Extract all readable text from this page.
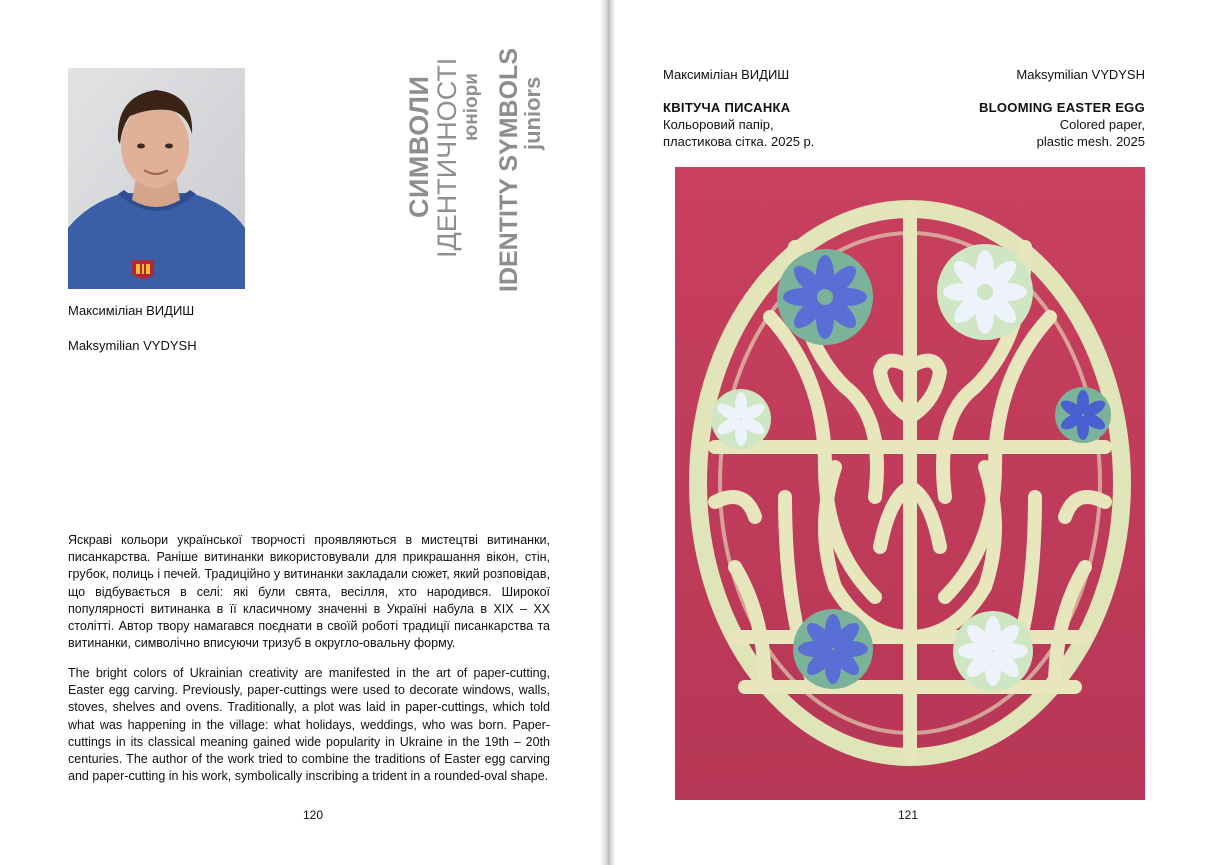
Максиміліан ВИДИШ
Maksymilian VYDYSH
СИМВОЛИ
ІДЕНТИЧНОСТІ юніори IDENTITY SYMBOLS
juniors
Яскраві кольори української творчості проявляються в мистецтві витинанки, писанкарства. Раніше витинанки використовували для прикрашання вікон, стін, грубок, полиць і печей. Традиційно у витинанки закладали сюжет, який розповідав, що відбувається в селі: які були свята, весілля, хто народився. Широкої популярності витинанка в її класичному значенні в Україні набула в XIX – XX століттi. Автор твору намагався поєднати в своїй роботі традиції писанкарства та витинанки, символічно вписуючи тризуб в округло-овальну форму.
The bright colors of Ukrainian creativity are manifested in the art of paper-cutting, Easter egg carving. Previously, paper-cuttings were used to decorate windows, walls, stoves, shelves and ovens. Traditionally, a plot was laid in paper-cuttings, which told what was happening in the village: what holidays, weddings, who was born. Paper-cuttings in its classical meaning gained wide popularity in Ukraine in the 19th – 20th centuries. The author of the work tried to combine the traditions of Easter egg carving and paper-cutting in his work, symbolically inscribing a trident in a rounded-oval shape.
120
Максиміліан ВИДИШ	Maksymilian VYDYSH
КВІТУЧА ПИСАНКА	BLOOMING EASTER EGG
Кольоровий папір,
пластикова сітка. 2025 р.
Colored paper,
plastic mesh. 2025
121
